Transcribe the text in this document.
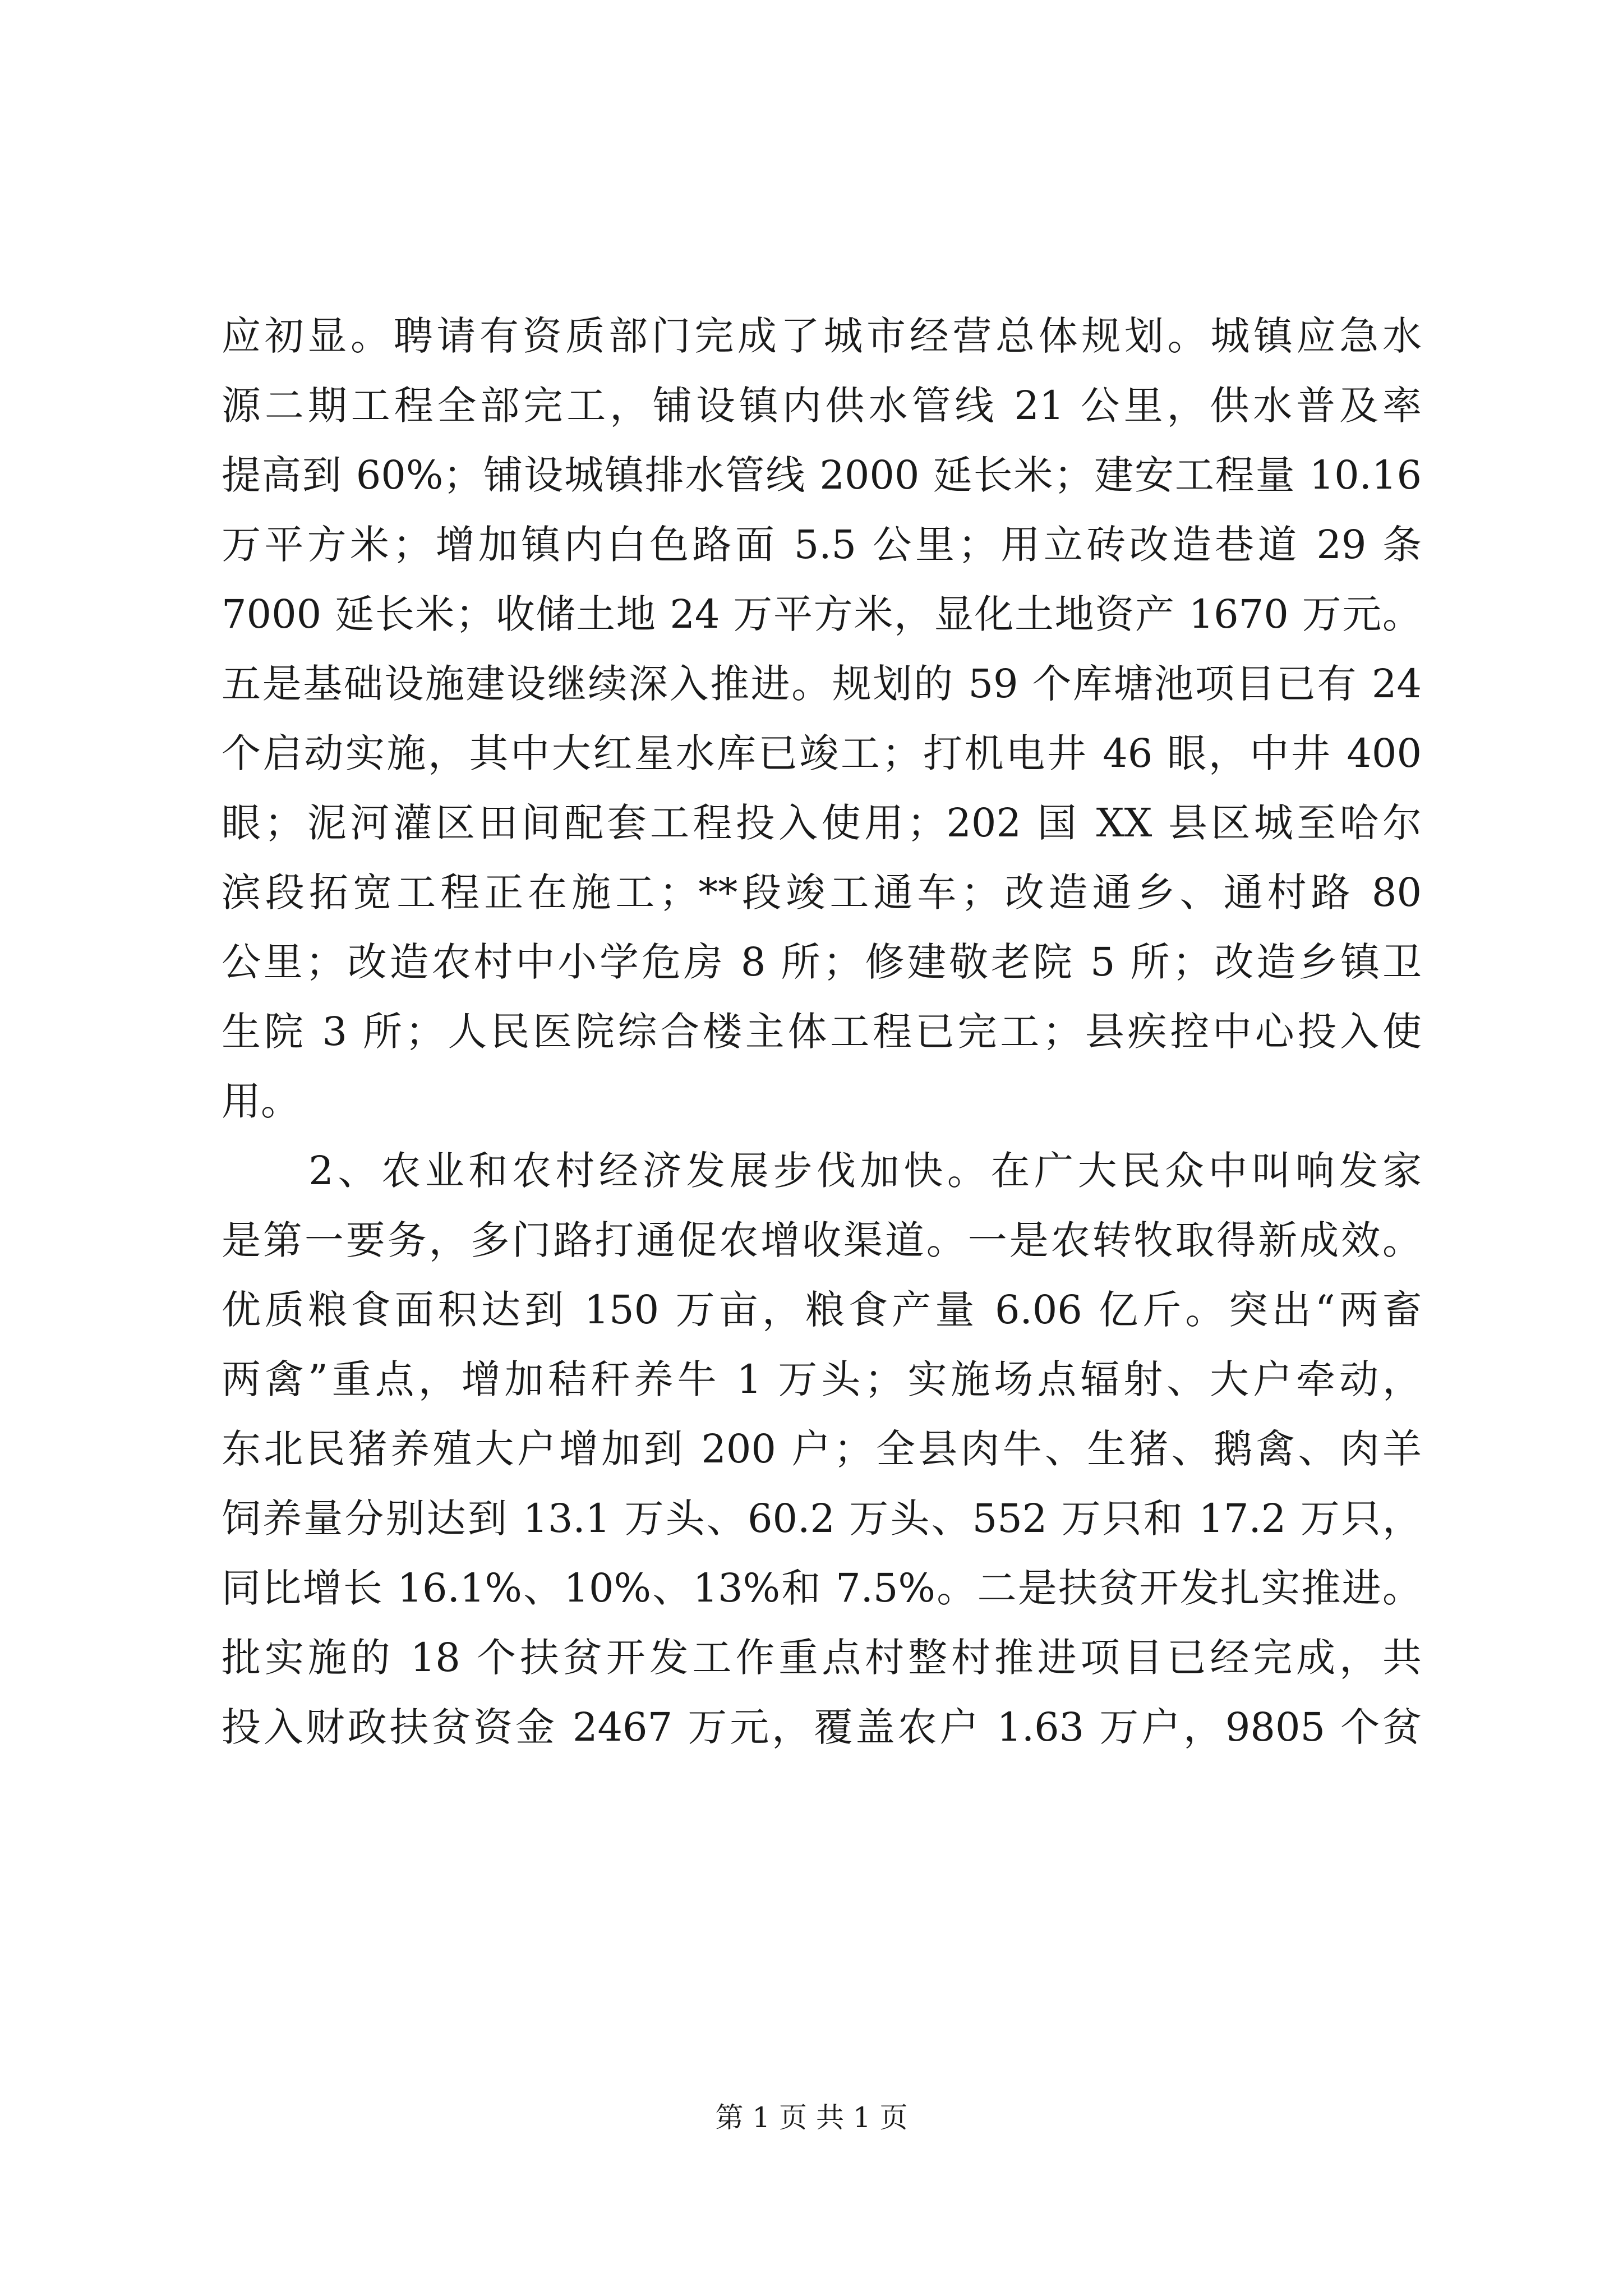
应初显。聘请有资质部门完成了城市经营总体规划。城镇应急水
源二期工程全部完工，铺设镇内供水管线 21 公里，供水普及率
提高到 60%；铺设城镇排水管线 2000 延长米；建安工程量 10.16
万平方米；增加镇内白色路面 5.5 公里；用立砖改造巷道 29 条
7000 延长米；收储土地 24 万平方米，显化土地资产 1670 万元。
五是基础设施建设继续深入推进。规划的 59 个库塘池项目已有 24
个启动实施，其中大红星水库已竣工；打机电井 46 眼，中井 400
眼；泥河灌区田间配套工程投入使用；202 国 XX 县区城至哈尔
滨段拓宽工程正在施工；**段竣工通车；改造通乡、通村路 80
公里；改造农村中小学危房 8 所；修建敬老院 5 所；改造乡镇卫
生院 3 所；人民医院综合楼主体工程已完工；县疾控中心投入使
用。
　　2、农业和农村经济发展步伐加快。在广大民众中叫响发家
是第一要务，多门路打通促农增收渠道。一是农转牧取得新成效。
优质粮食面积达到 150 万亩，粮食产量 6.06 亿斤。突出“两畜
两禽”重点，增加秸秆养牛 1 万头；实施场点辐射、大户牵动，
东北民猪养殖大户增加到 200 户；全县肉牛、生猪、鹅禽、肉羊
饲养量分别达到 13.1 万头、60.2 万头、552 万只和 17.2 万只，
同比增长 16.1%、10%、13%和 7.5%。二是扶贫开发扎实推进。
批实施的 18 个扶贫开发工作重点村整村推进项目已经完成，共
投入财政扶贫资金 2467 万元，覆盖农户 1.63 万户，9805 个贫
第 1 页 共 1 页
